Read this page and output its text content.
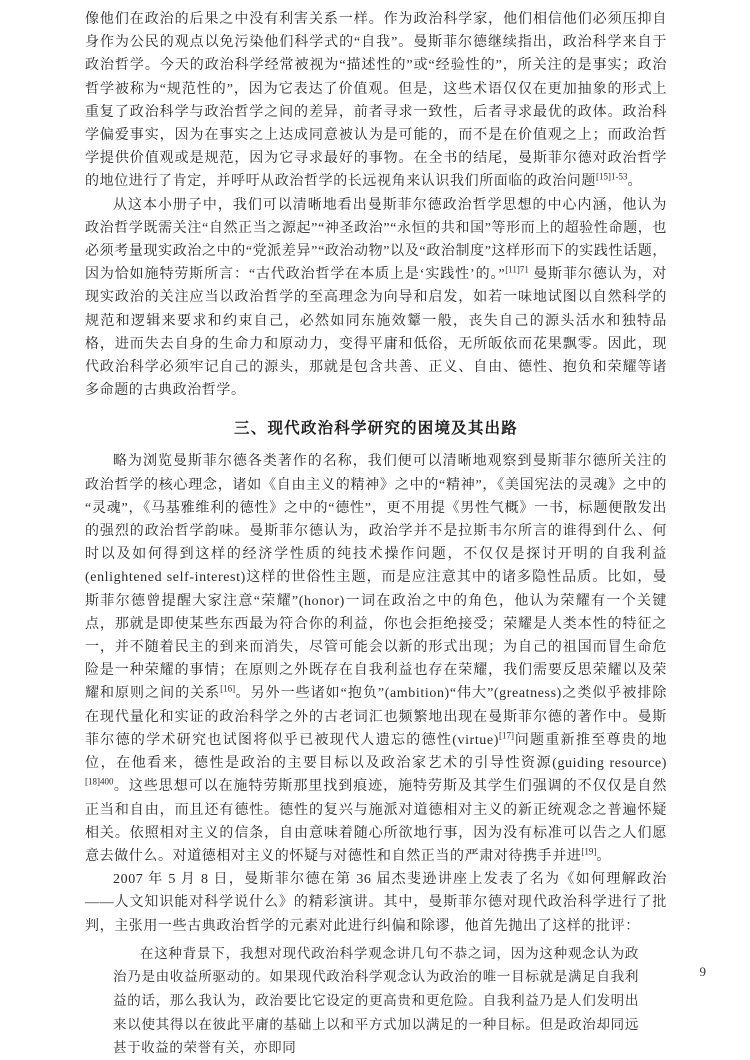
像他们在政治的后果之中没有利害关系一样。作为政治科学家，他们相信他们必须压抑自身作为公民的观点以免污染他们科学式的“自我”。曼斯菲尔德继续指出，政治科学来自于政治哲学。今天的政治科学经常被视为“描述性的”或“经验性的”，所关注的是事实；政治哲学被称为“规范性的”，因为它表达了价值观。但是，这些术语仅仅在更加抽象的形式上重复了政治科学与政治哲学之间的差异，前者寻求一致性，后者寻求最优的政体。政治科学偏爱事实，因为在事实之上达成同意被认为是可能的，而不是在价值观之上；而政治哲学提供价值观或是规范，因为它寻求最好的事物。在全书的结尾，曼斯菲尔德对政治哲学的地位进行了肯定，并呼吁从政治哲学的长远视角来认识我们所面临的政治问题$^{[15]1-53}$。

从这本小册子中，我们可以清晰地看出曼斯菲尔德政治哲学思想的中心内涵，他认为政治哲学既需关注“自然正当之源起”“神圣政治”“永恒的共和国”等形而上的超验性命题，也必须考量现实政治之中的“党派差异”“政治动物”以及“政治制度”这样形而下的实践性话题，因为恰如施特劳斯所言：“古代政治哲学在本质上是‘实践性’的。”$^{[11]71}$ 曼斯菲尔德认为，对现实政治的关注应当以政治哲学的至高理念为向导和启发，如若一味地试图以自然科学的规范和逻辑来要求和约束自己，必然如同东施效颦一般，丧失自己的源头活水和独特品格，进而失去自身的生命力和原动力，变得平庸和低俗，无所皈依而花果飘零。因此，现代政治科学必须牢记自己的源头，那就是包含共善、正义、自由、德性、抱负和荣耀等诸多命题的古典政治哲学。

三、现代政治科学研究的困境及其出路

略为浏览曼斯菲尔德各类著作的名称，我们便可以清晰地观察到曼斯菲尔德所关注的政治哲学的核心理念，诸如《自由主义的精神》之中的“精神”，《美国宪法的灵魂》之中的“灵魂”，《马基雅维利的德性》之中的“德性”，更不用提《男性气概》一书，标题便散发出的强烈的政治哲学韵味。曼斯菲尔德认为，政治学并不是拉斯韦尔所言的谁得到什么、何时以及如何得到这样的经济学性质的纯技术操作问题，不仅仅是探讨开明的自我利益(enlightened self-interest)这样的世俗性主题，而是应注意其中的诸多隐性品质。比如，曼斯菲尔德曾提醒大家注意“荣耀”(honor)一词在政治之中的角色，他认为荣耀有一个关键点，那就是即使某些东西最为符合你的利益，你也会拒绝接受；荣耀是人类本性的特征之一，并不随着民主的到来而消失，尽管可能会以新的形式出现；为自己的祖国而冒生命危险是一种荣耀的事情；在原则之外既存在自我利益也存在荣耀，我们需要反思荣耀以及荣耀和原则之间的关系[16]。另外一些诸如“抱负”(ambition)“伟大”(greatness)之类似乎被排除在现代量化和实证的政治科学之外的古老词汇也频繁地出现在曼斯菲尔德的著作中。曼斯菲尔德的学术研究也试图将似乎已被现代人遗忘的德性(virtue)[17]问题重新推至尊贵的地位，在他看来，德性是政治的主要目标以及政治家艺术的引导性资源(guiding resource)$^{[18]400}$。这些思想可以在施特劳斯那里找到痕迹，施特劳斯及其学生们强调的不仅仅是自然正当和自由，而且还有德性。德性的复兴与施派对道德相对主义的新正统观念之普遍怀疑相关。依照相对主义的信条，自由意味着随心所欲地行事，因为没有标准可以告之人们愿意去做什么。对道德相对主义的怀疑与对德性和自然正当的严肃对待携手并进[19]。

2007 年 5 月 8 日，曼斯菲尔德在第 36 届杰斐逊讲座上发表了名为《如何理解政治——人文知识能对科学说什么》的精彩演讲。其中，曼斯菲尔德对现代政治科学进行了批判，主张用一些古典政治哲学的元素对此进行纠偏和除谬，他首先抛出了这样的批评：

在这种背景下，我想对现代政治科学观念讲几句不恭之词，因为这种观念认为政治乃是由收益所驱动的。如果现代政治科学观念认为政治的唯一目标就是满足自我利益的话，那么我认为，政治要比它设定的更高贵和更危险。自我利益乃是人们发明出来以使其得以在彼此平庸的基础上以和平方式加以满足的一种目标。但是政治却同远甚于收益的荣誉有关，亦即同
9
